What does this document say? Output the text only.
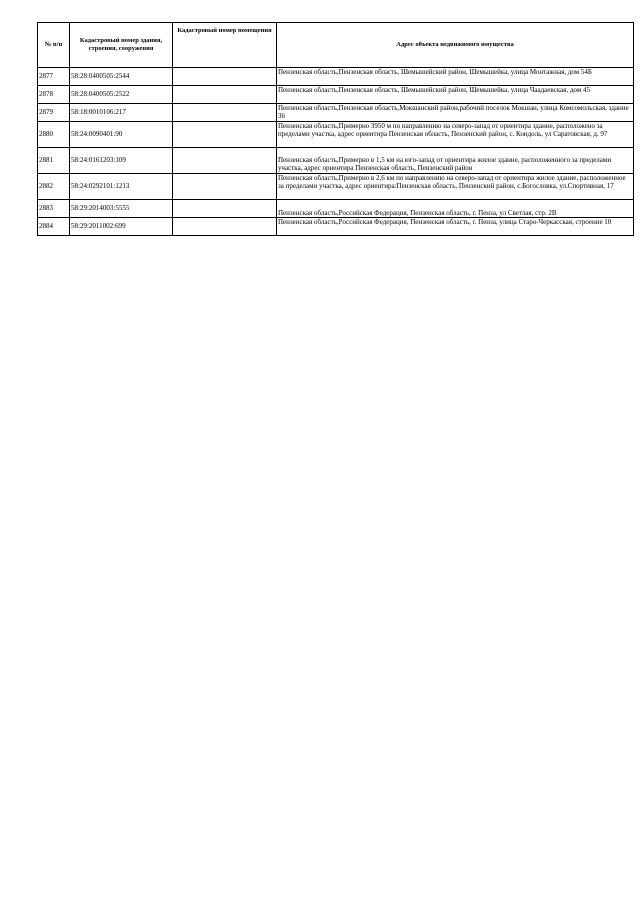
№ п/п	Кадастровый номер здания, строения, сооружения	Кадастровый номер помещения	Адрес объекта недвижимого имущества
2877	58:28:0400505:2544		Пензенская область,Пензенская область, Шемышейский район, Шемышейка, улица Монтажная, дом 54Б

2878	58:28:0400505:2522		Пензенская область,Пензенская область, Шемышейский район, Шемышейка, улица Чаадаевская, дом 45

2879	58:18:0010106:217		Пензенская область,Пензенская область,Мокшанский район,рабочий поселок Мокшан, улица Комсомольская, здание 36

2880	58:24:0090401:90		Пензенская область,Примерно 3950 м по направлению на северо-запад от ориентира здание, расположено за пределами участка, адрес ориентира Пензенская область, Пензенский район, с. Кондоль, ул Саратовская, д. 97

2881	58:24:0161203:109		Пензенская область,Примерно в 1,5 км на юго-запад от ориентира жилое здание, расположенного за пределами участка, адрес ориентира Пензенская область, Пензенский район

2882	58:24:0292101:1213		Пензенская область,Примерно в 2,6 км по направлению на северо-запад от ориентира жилое здание, расположенное за пределами участка, адрес ориентира:Пензенская область, Пензенский район, с.Богословка, ул.Спортивная, 17

2883	58:29:2014003:5555		Пензенская область,Российская Федерация, Пензенская область, г. Пенза, ул Светлая, стр. 2В

2884	58:29:2011002:699		Пензенская область,Российская Федерация, Пензенская область, г. Пенза, улица Старо-Черкасская, строение 10
